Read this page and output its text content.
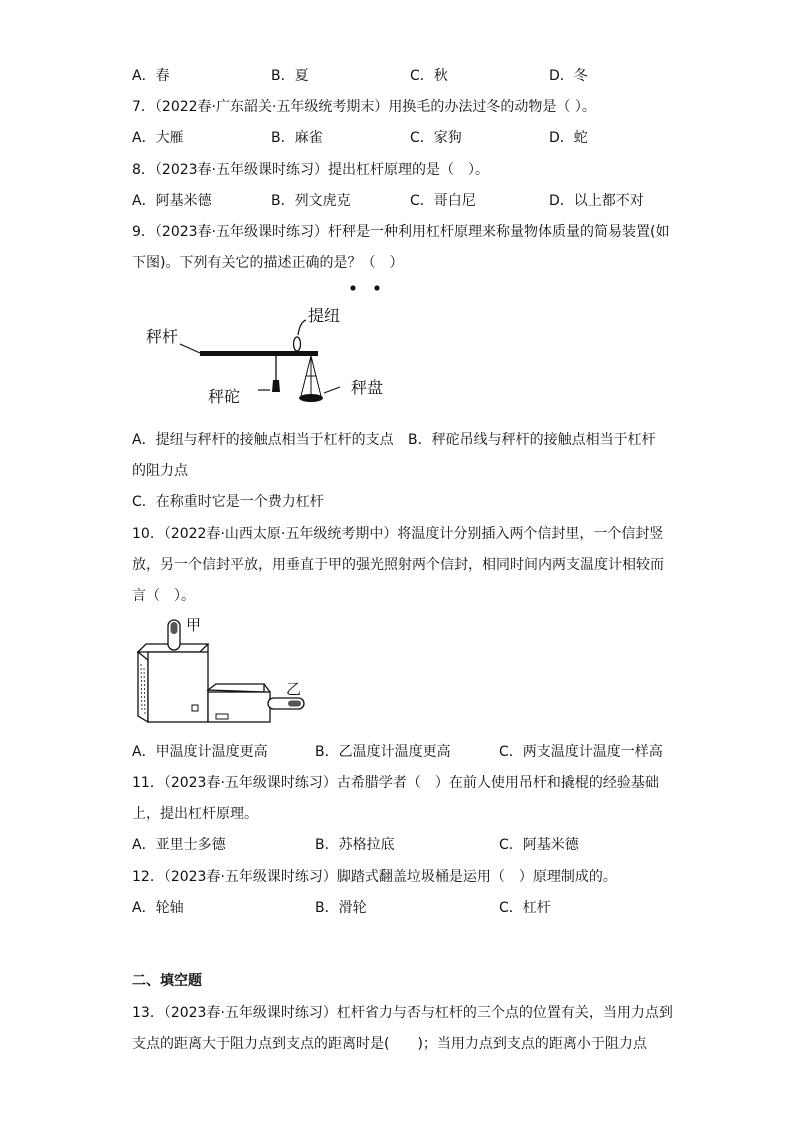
A．春	B．夏	C．秋	D．冬
7．（2022春·广东韶关·五年级统考期末）用换毛的办法过冬的动物是（ ）。
A．大雁	B．麻雀	C．家狗	D．蛇
8．（2023春·五年级课时练习）提出杠杆原理的是（　）。
A．阿基米德	B．列文虎克	C．哥白尼	D．以上都不对
9．（2023春·五年级课时练习）杆秤是一种利用杠杆原理来称量物体质量的简易装置(如
下图)。下列有关它的描述正确的是？（　）
秤杆
提纽
秤砣	秤盘
A．提纽与秤杆的接触点相当于杠杆的支点 B．秤砣吊线与秤杆的接触点相当于杠杆
的阻力点
C．在称重时它是一个费力杠杆
10．（2022春·山西太原·五年级统考期中）将温度计分别插入两个信封里，一个信封竖
放，另一个信封平放，用垂直于甲的强光照射两个信封，相同时间内两支温度计相较而
言（　）。
甲
乙
A．甲温度计温度更高	B．乙温度计温度更高	C．两支温度计温度一样高
11．（2023春·五年级课时练习）古希腊学者（　）在前人使用吊杆和撬棍的经验基础
上，提出杠杆原理。
A．亚里士多德	B．苏格拉底	C．阿基米德
12．（2023春·五年级课时练习）脚踏式翻盖垃圾桶是运用（　）原理制成的。
A．轮轴	B．滑轮	C．杠杆
二、填空题
13．（2023春·五年级课时练习）杠杆省力与否与杠杆的三个点的位置有关，当用力点到
支点的距离大于阻力点到支点的距离时是(　　)；当用力点到支点的距离小于阻力点
